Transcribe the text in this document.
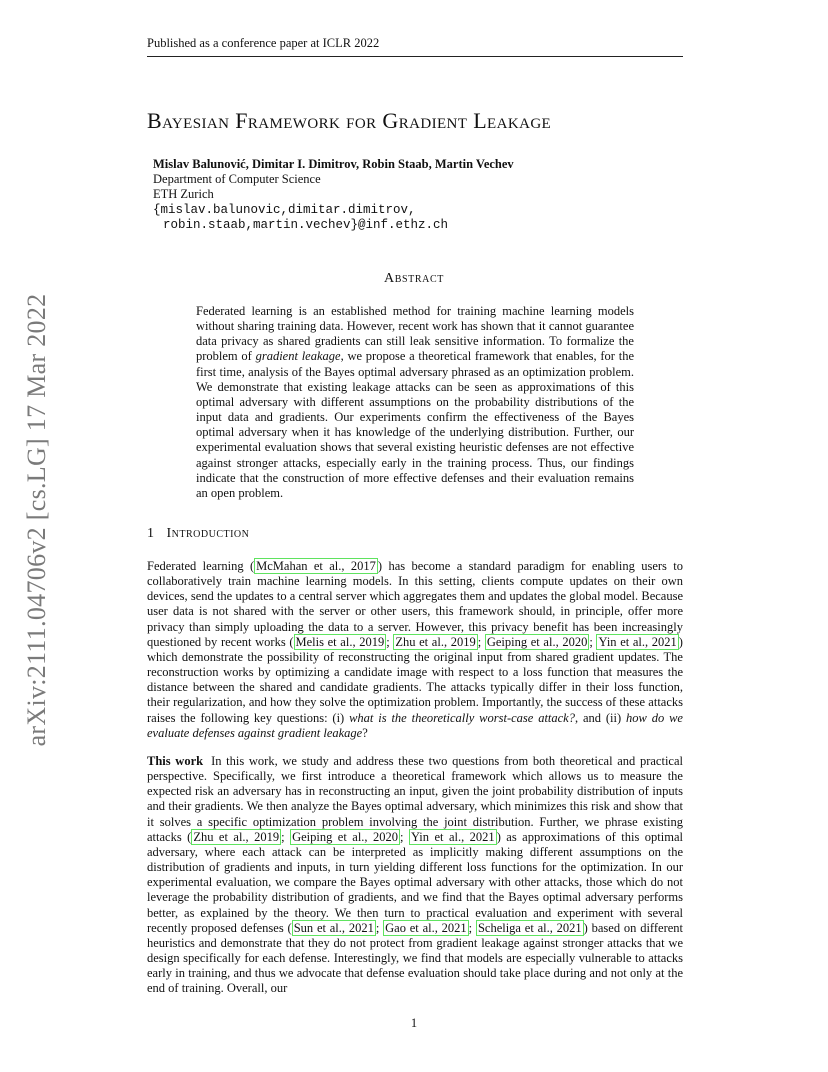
Published as a conference paper at ICLR 2022
arXiv:2111.04706v2 [cs.LG] 17 Mar 2022
Bayesian Framework for Gradient Leakage
Mislav Balunović, Dimitar I. Dimitrov, Robin Staab, Martin Vechev
Department of Computer Science
ETH Zurich
{mislav.balunovic,dimitar.dimitrov,
robin.staab,martin.vechev}@inf.ethz.ch
Abstract
Federated learning is an established method for training machine learning models without sharing training data. However, recent work has shown that it cannot guarantee data privacy as shared gradients can still leak sensitive information. To formalize the problem of gradient leakage, we propose a theoretical framework that enables, for the first time, analysis of the Bayes optimal adversary phrased as an optimization problem. We demonstrate that existing leakage attacks can be seen as approximations of this optimal adversary with different assumptions on the probability distributions of the input data and gradients. Our experiments confirm the effectiveness of the Bayes optimal adversary when it has knowledge of the underlying distribution. Further, our experimental evaluation shows that several existing heuristic defenses are not effective against stronger attacks, especially early in the training process. Thus, our findings indicate that the construction of more effective defenses and their evaluation remains an open problem.
1 Introduction
Federated learning ( McMahan et al., 2017 ) has become a standard paradigm for enabling users to collaboratively train machine learning models. In this setting, clients compute updates on their own devices, send the updates to a central server which aggregates them and updates the global model. Because user data is not shared with the server or other users, this framework should, in principle, offer more privacy than simply uploading the data to a server. However, this privacy benefit has been increasingly questioned by recent works ( Melis et al., 2019 ; Zhu et al., 2019 ; Geiping et al., 2020 ; Yin et al., 2021 ) which demonstrate the possibility of reconstructing the original input from shared gradient updates. The reconstruction works by optimizing a candidate image with respect to a loss function that measures the distance between the shared and candidate gradients. The attacks typically differ in their loss function, their regularization, and how they solve the optimization problem. Importantly, the success of these attacks raises the following key questions: (i) what is the theoretically worst-case attack?, and (ii) how do we evaluate defenses against gradient leakage?
This work In this work, we study and address these two questions from both theoretical and practical perspective. Specifically, we first introduce a theoretical framework which allows us to measure the expected risk an adversary has in reconstructing an input, given the joint probability distribution of inputs and their gradients. We then analyze the Bayes optimal adversary, which minimizes this risk and show that it solves a specific optimization problem involving the joint distribution. Further, we phrase existing attacks ( Zhu et al., 2019 ; Geiping et al., 2020 ; Yin et al., 2021 ) as approximations of this optimal adversary, where each attack can be interpreted as implicitly making different assumptions on the distribution of gradients and inputs, in turn yielding different loss functions for the optimization. In our experimental evaluation, we compare the Bayes optimal adversary with other attacks, those which do not leverage the probability distribution of gradients, and we find that the Bayes optimal adversary performs better, as explained by the theory. We then turn to practical evaluation and experiment with several recently proposed defenses ( Sun et al., 2021 ; Gao et al., 2021 ; Scheliga et al., 2021 ) based on different heuristics and demonstrate that they do not protect from gradient leakage against stronger attacks that we design specifically for each defense. Interestingly, we find that models are especially vulnerable to attacks early in training, and thus we advocate that defense evaluation should take place during and not only at the end of training. Overall, our
1
